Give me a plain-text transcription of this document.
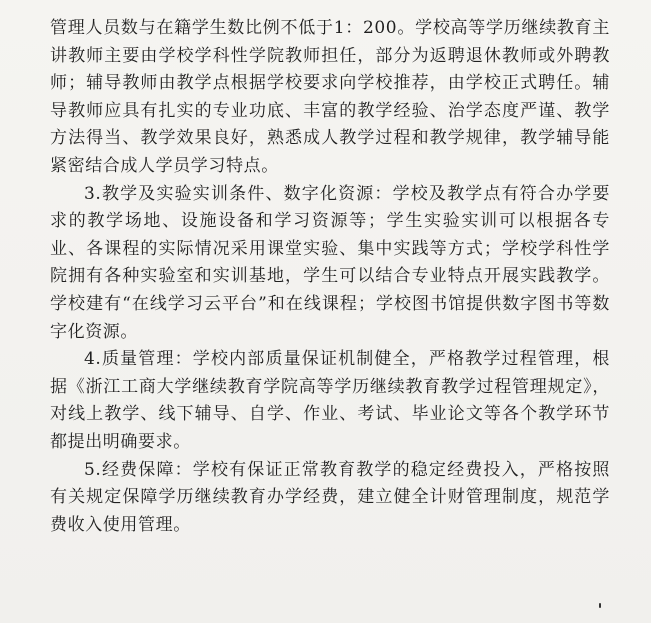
管理人员数与在籍学生数比例不低于1：200。学校高等学历继续教育主讲教师主要由学校学科性学院教师担任，部分为返聘退休教师或外聘教师；辅导教师由教学点根据学校要求向学校推荐，由学校正式聘任。辅导教师应具有扎实的专业功底、丰富的教学经验、治学态度严谨、教学方法得当、教学效果良好，熟悉成人教学过程和教学规律，教学辅导能紧密结合成人学员学习特点。

3.教学及实验实训条件、数字化资源：学校及教学点有符合办学要求的教学场地、设施设备和学习资源等；学生实验实训可以根据各专业、各课程的实际情况采用课堂实验、集中实践等方式；学校学科性学院拥有各种实验室和实训基地，学生可以结合专业特点开展实践教学。学校建有“在线学习云平台”和在线课程；学校图书馆提供数字图书等数字化资源。

4.质量管理：学校内部质量保证机制健全，严格教学过程管理，根据《浙江工商大学继续教育学院高等学历继续教育教学过程管理规定》，对线上教学、线下辅导、自学、作业、考试、毕业论文等各个教学环节都提出明确要求。

5.经费保障：学校有保证正常教育教学的稳定经费投入，严格按照有关规定保障学历继续教育办学经费，建立健全计财管理制度，规范学费收入使用管理。
